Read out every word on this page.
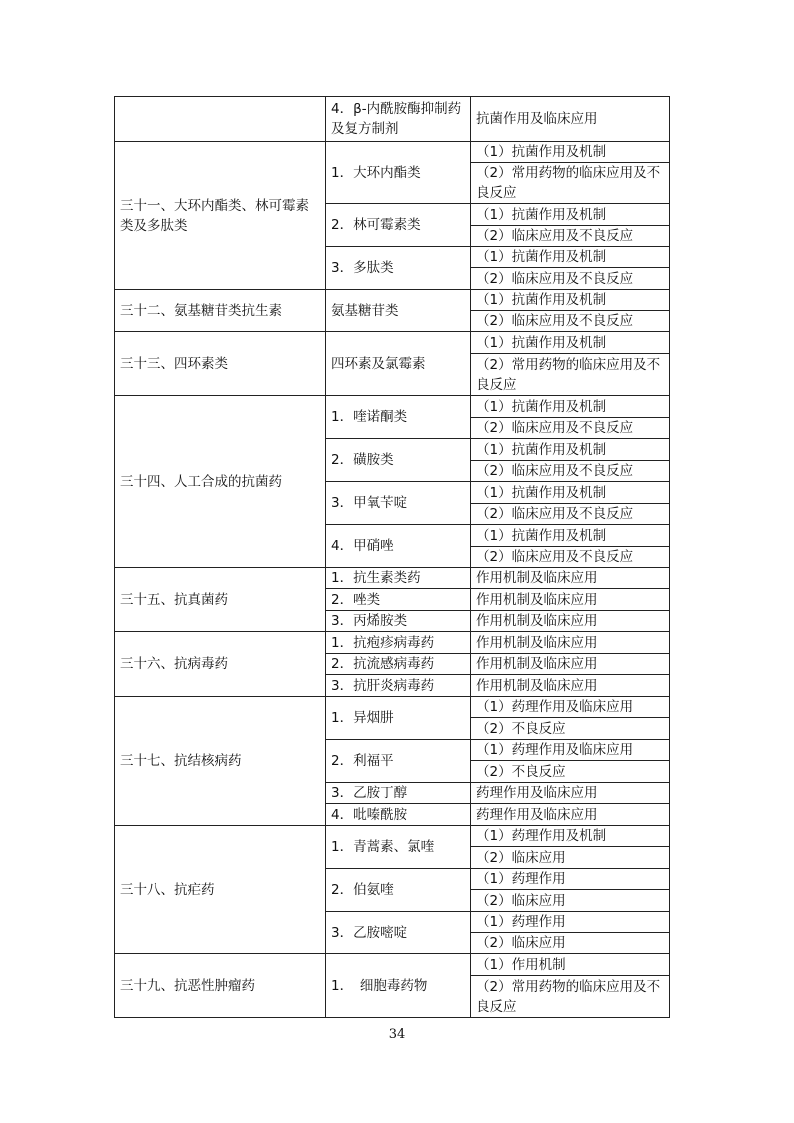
	4．β-内酰胺酶抑制药及复方制剂	抗菌作用及临床应用
三十一、大环内酯类、林可霉素类及多肽类	1．大环内酯类	（1）抗菌作用及机制
		（2）常用药物的临床应用及不良反应
	2．林可霉素类	（1）抗菌作用及机制
		（2）临床应用及不良反应
	3．多肽类	（1）抗菌作用及机制
		（2）临床应用及不良反应
三十二、氨基糖苷类抗生素	氨基糖苷类	（1）抗菌作用及机制
		（2）临床应用及不良反应
三十三、四环素类	四环素及氯霉素	（1）抗菌作用及机制
		（2）常用药物的临床应用及不良反应
三十四、人工合成的抗菌药	1．喹诺酮类	（1）抗菌作用及机制
		（2）临床应用及不良反应
	2．磺胺类	（1）抗菌作用及机制
		（2）临床应用及不良反应
	3．甲氧苄啶	（1）抗菌作用及机制
		（2）临床应用及不良反应
	4．甲硝唑	（1）抗菌作用及机制
		（2）临床应用及不良反应
三十五、抗真菌药	1．抗生素类药	作用机制及临床应用
	2．唑类	作用机制及临床应用
	3．丙烯胺类	作用机制及临床应用
三十六、抗病毒药	1．抗疱疹病毒药	作用机制及临床应用
	2．抗流感病毒药	作用机制及临床应用
	3．抗肝炎病毒药	作用机制及临床应用
三十七、抗结核病药	1．异烟肼	（1）药理作用及临床应用
		（2）不良反应
	2．利福平	（1）药理作用及临床应用
		（2）不良反应
	3．乙胺丁醇	药理作用及临床应用
	4．吡嗪酰胺	药理作用及临床应用
三十八、抗疟药	1．青蒿素、氯喹	（1）药理作用及机制
		（2）临床应用
	2．伯氨喹	（1）药理作用
		（2）临床应用
	3．乙胺嘧啶	（1）药理作用
		（2）临床应用
三十九、抗恶性肿瘤药	1．　细胞毒药物	（1）作用机制
		（2）常用药物的临床应用及不良反应
34
